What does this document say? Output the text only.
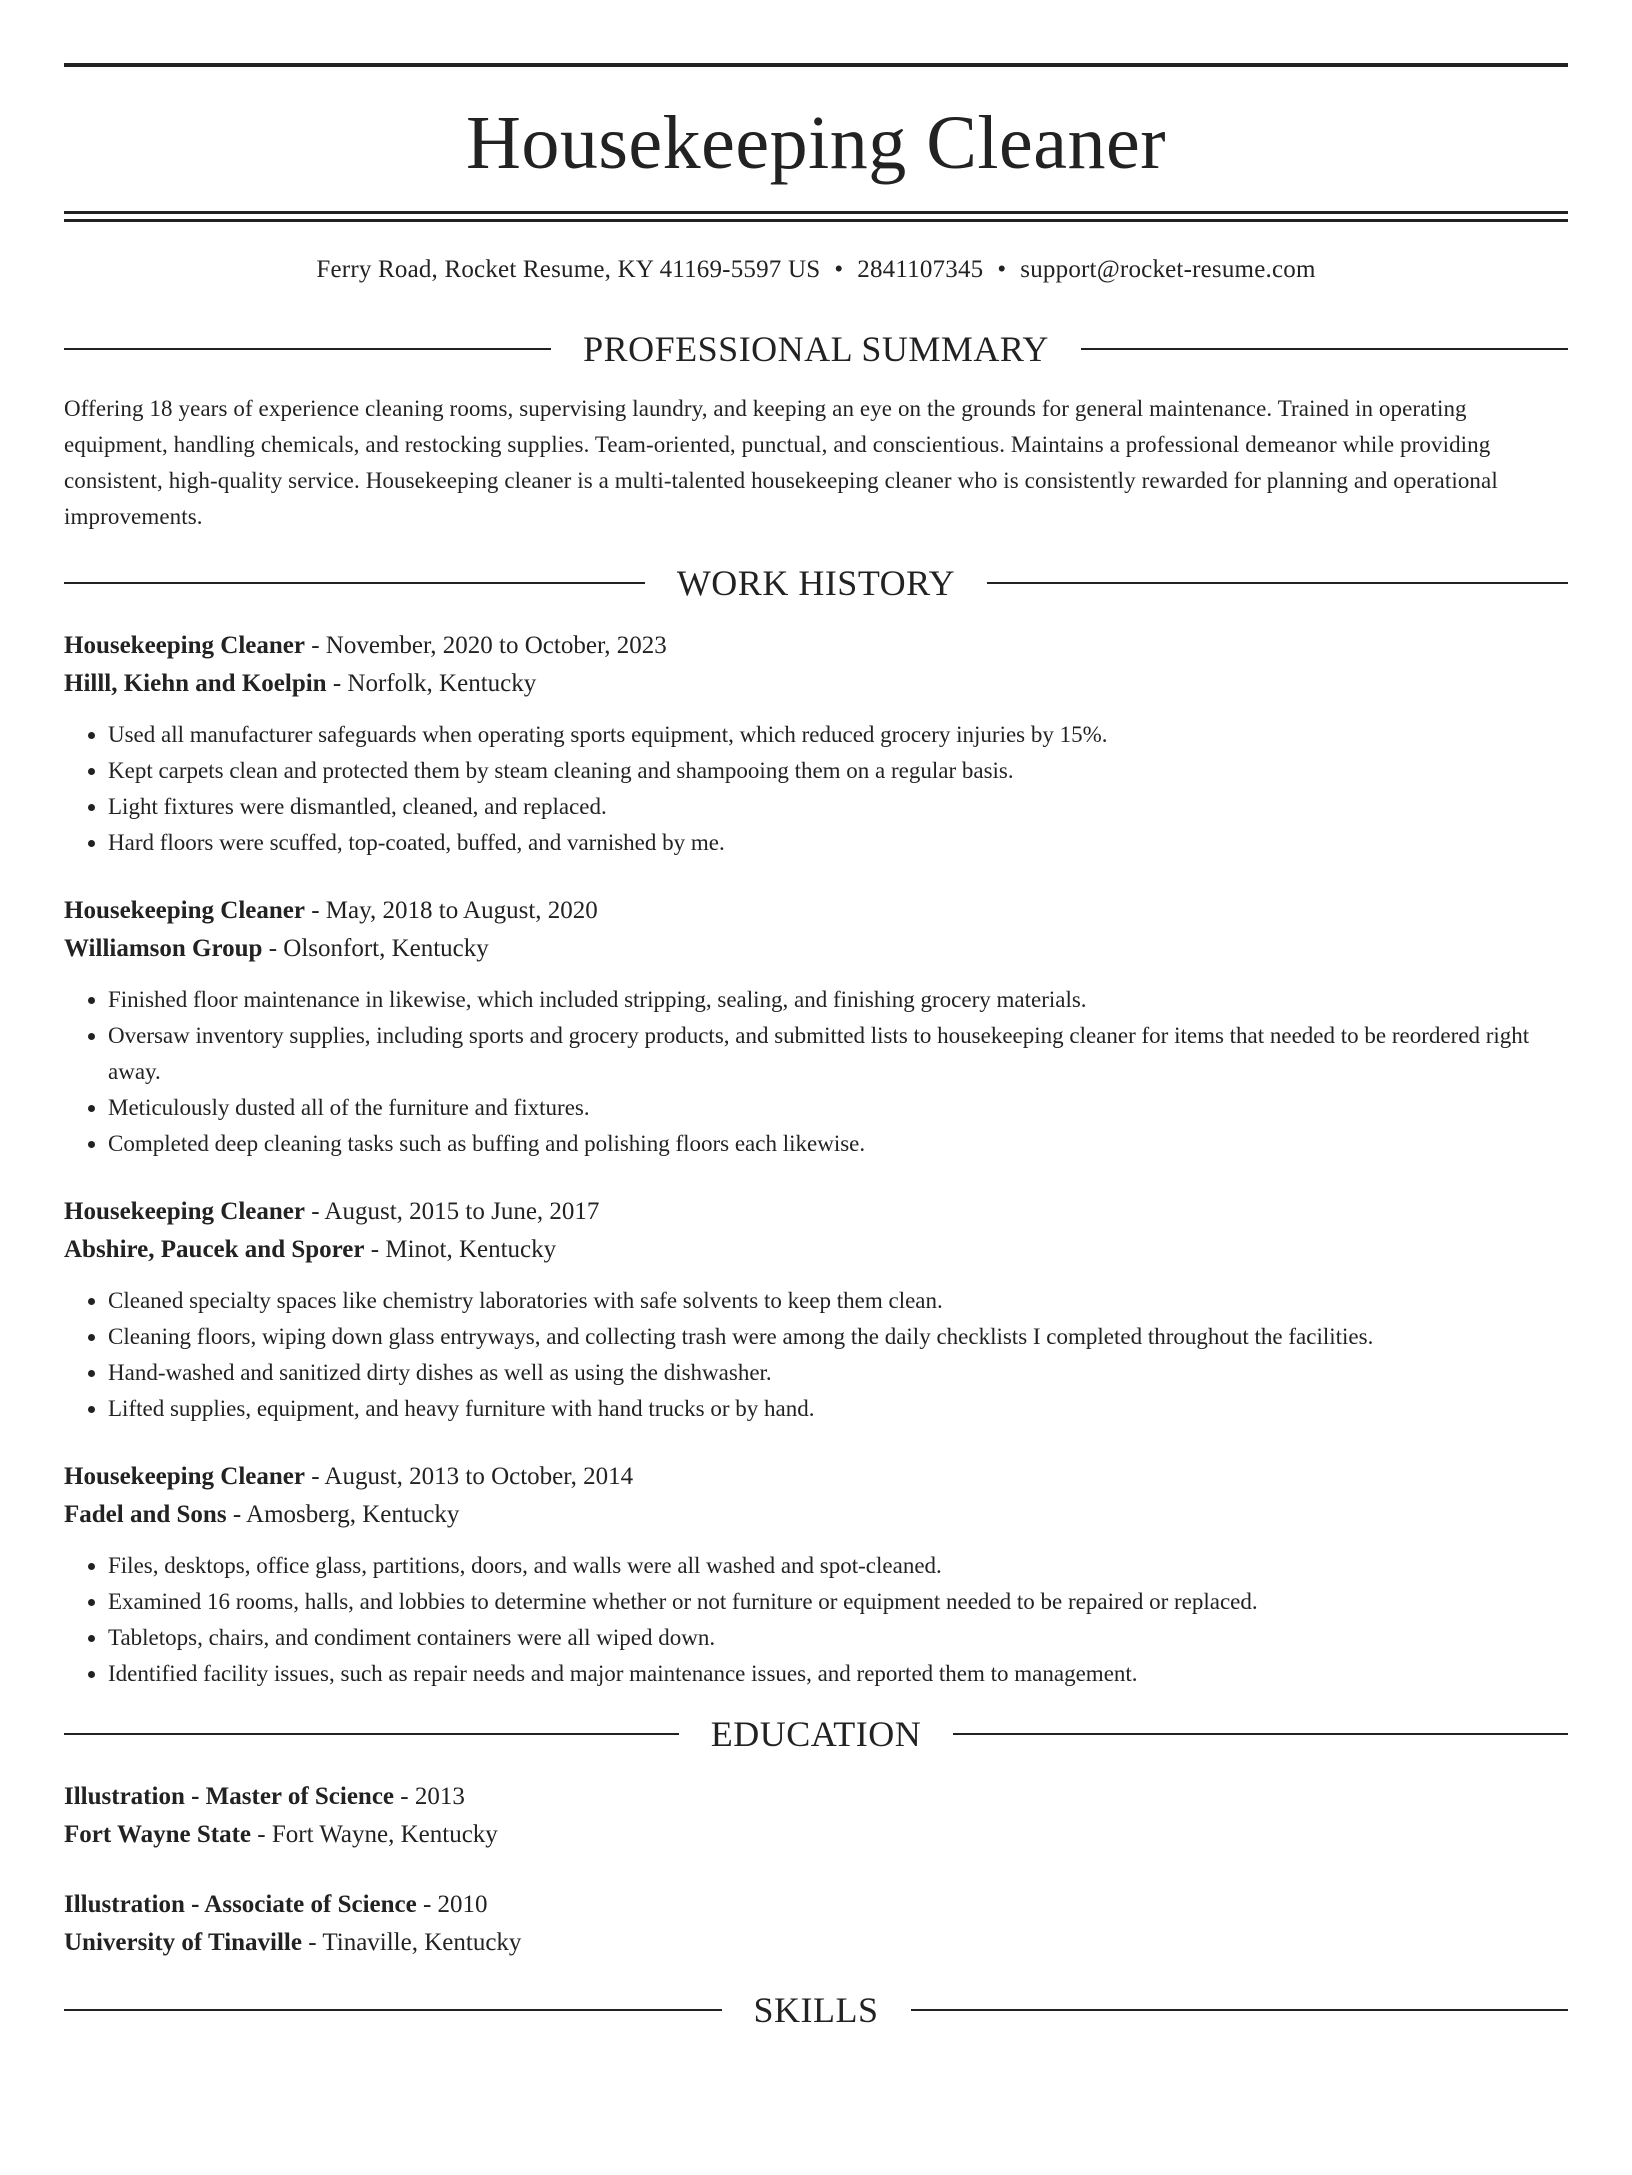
Housekeeping Cleaner
Ferry Road, Rocket Resume, KY 41169-5597 US • 2841107345 • support@rocket-resume.com
PROFESSIONAL SUMMARY
Offering 18 years of experience cleaning rooms, supervising laundry, and keeping an eye on the grounds for general maintenance. Trained in operating equipment, handling chemicals, and restocking supplies. Team-oriented, punctual, and conscientious. Maintains a professional demeanor while providing consistent, high-quality service. Housekeeping cleaner is a multi-talented housekeeping cleaner who is consistently rewarded for planning and operational improvements.
WORK HISTORY
Housekeeping Cleaner - November, 2020 to October, 2023
Hilll, Kiehn and Koelpin - Norfolk, Kentucky
• Used all manufacturer safeguards when operating sports equipment, which reduced grocery injuries by 15%.
• Kept carpets clean and protected them by steam cleaning and shampooing them on a regular basis.
• Light fixtures were dismantled, cleaned, and replaced.
• Hard floors were scuffed, top-coated, buffed, and varnished by me.
Housekeeping Cleaner - May, 2018 to August, 2020
Williamson Group - Olsonfort, Kentucky
• Finished floor maintenance in likewise, which included stripping, sealing, and finishing grocery materials.
• Oversaw inventory supplies, including sports and grocery products, and submitted lists to housekeeping cleaner for items that needed to be reordered right away.
• Meticulously dusted all of the furniture and fixtures.
• Completed deep cleaning tasks such as buffing and polishing floors each likewise.
Housekeeping Cleaner - August, 2015 to June, 2017
Abshire, Paucek and Sporer - Minot, Kentucky
• Cleaned specialty spaces like chemistry laboratories with safe solvents to keep them clean.
• Cleaning floors, wiping down glass entryways, and collecting trash were among the daily checklists I completed throughout the facilities.
• Hand-washed and sanitized dirty dishes as well as using the dishwasher.
• Lifted supplies, equipment, and heavy furniture with hand trucks or by hand.
Housekeeping Cleaner - August, 2013 to October, 2014
Fadel and Sons - Amosberg, Kentucky
• Files, desktops, office glass, partitions, doors, and walls were all washed and spot-cleaned.
• Examined 16 rooms, halls, and lobbies to determine whether or not furniture or equipment needed to be repaired or replaced.
• Tabletops, chairs, and condiment containers were all wiped down.
• Identified facility issues, such as repair needs and major maintenance issues, and reported them to management.
EDUCATION
Illustration - Master of Science - 2013
Fort Wayne State - Fort Wayne, Kentucky
Illustration - Associate of Science - 2010
University of Tinaville - Tinaville, Kentucky
SKILLS
